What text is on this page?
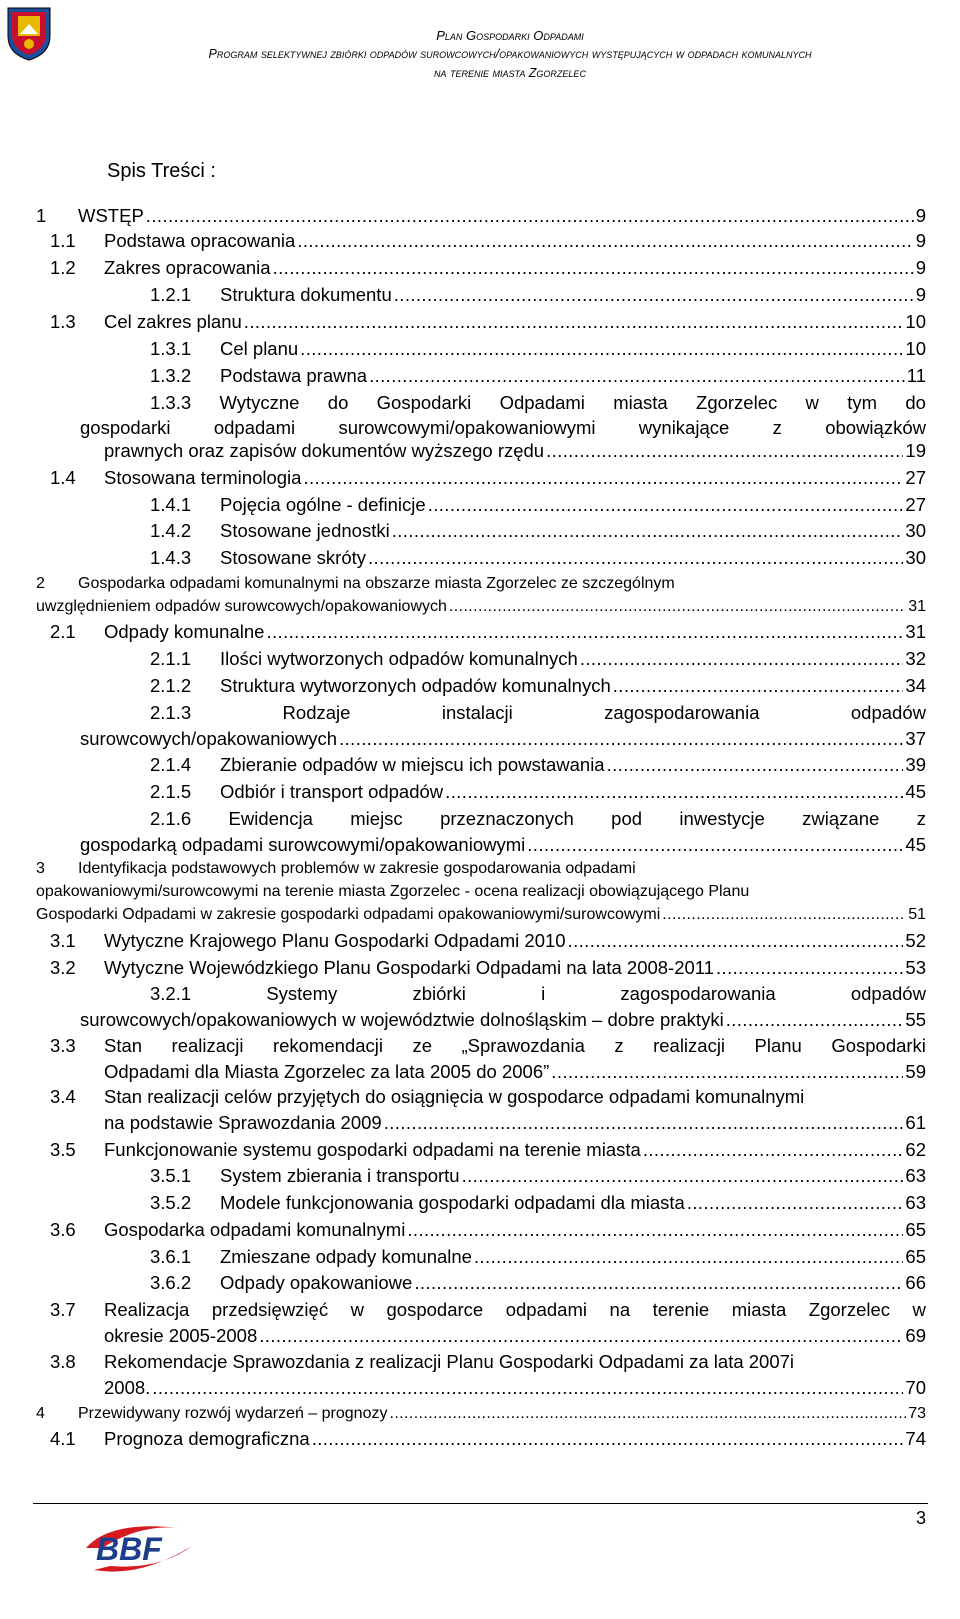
Plan Gospodarki Odpadami
Program selektywnej zbiórki odpadów surowcowych/opakowaniowych występujących w odpadach komunalnych
na terenie miasta Zgorzelec
Spis Treści :
1 WSTĘP .....	9
1.1 Podstawa opracowania .....	9
1.2 Zakres opracowania .....	9
1.2.1 Struktura dokumentu .....	9
1.3 Cel zakres planu .....	10
1.3.1 Cel planu .....	10
1.3.2 Podstawa prawna .....	11
1.3.3 Wytyczne do Gospodarki Odpadami miasta Zgorzelec w tym do
gospodarki odpadami surowcowymi/opakowaniowymi wynikające z obowiązków
prawnych oraz zapisów dokumentów wyższego rzędu .....	19
1.4 Stosowana terminologia .....	27
1.4.1 Pojęcia ogólne - definicje .....	27
1.4.2 Stosowane jednostki .....	30
1.4.3 Stosowane skróty .....	30
2 Gospodarka odpadami komunalnymi na obszarze miasta Zgorzelec ze szczególnym
uwzględnieniem odpadów surowcowych/opakowaniowych .....	31
2.1 Odpady komunalne .....	31
2.1.1 Ilości wytworzonych odpadów komunalnych .....	32
2.1.2 Struktura wytworzonych odpadów komunalnych .....	34
2.1.3	Rodzaje	instalacji	zagospodarowania	odpadów
surowcowych/opakowaniowych .....	37
2.1.4 Zbieranie odpadów w miejscu ich powstawania .....	39
2.1.5 Odbiór i transport odpadów .....	45
2.1.6 Ewidencja miejsc przeznaczonych pod inwestycje związane z
gospodarką odpadami surowcowymi/opakowaniowymi .....	45
3 Identyfikacja podstawowych problemów w zakresie gospodarowania odpadami
opakowaniowymi/surowcowymi na terenie miasta Zgorzelec - ocena realizacji obowiązującego Planu
Gospodarki Odpadami w zakresie gospodarki odpadami opakowaniowymi/surowcowymi .....	51
3.1 Wytyczne Krajowego Planu Gospodarki Odpadami 2010 .....	52
3.2 Wytyczne Wojewódzkiego Planu Gospodarki Odpadami na lata 2008-2011 .....	53
3.2.1	Systemy	zbiórki	i	zagospodarowania	odpadów
surowcowych/opakowaniowych w województwie dolnośląskim – dobre praktyki .....	55
3.3 Stan realizacji rekomendacji ze „Sprawozdania z realizacji Planu Gospodarki
Odpadami dla Miasta Zgorzelec za lata 2005 do 2006” .....	59
3.4 Stan realizacji celów przyjętych do osiągnięcia w gospodarce odpadami komunalnymi
na podstawie Sprawozdania 2009 .....	61
3.5 Funkcjonowanie systemu gospodarki odpadami na terenie miasta .....	62
3.5.1 System zbierania i transportu .....	63
3.5.2 Modele funkcjonowania gospodarki odpadami dla miasta .....	63
3.6 Gospodarka odpadami komunalnymi .....	65
3.6.1 Zmieszane odpady komunalne .....	65
3.6.2 Odpady opakowaniowe .....	66
3.7 Realizacja przedsięwzięć w gospodarce odpadami na terenie miasta Zgorzelec w
okresie 2005-2008 .....	69
3.8 Rekomendacje Sprawozdania z realizacji Planu Gospodarki Odpadami za lata 2007i
2008. .....	70
4 Przewidywany rozwój wydarzeń – prognozy .....	73
4.1 Prognoza demograficzna .....	74
3
BBF
